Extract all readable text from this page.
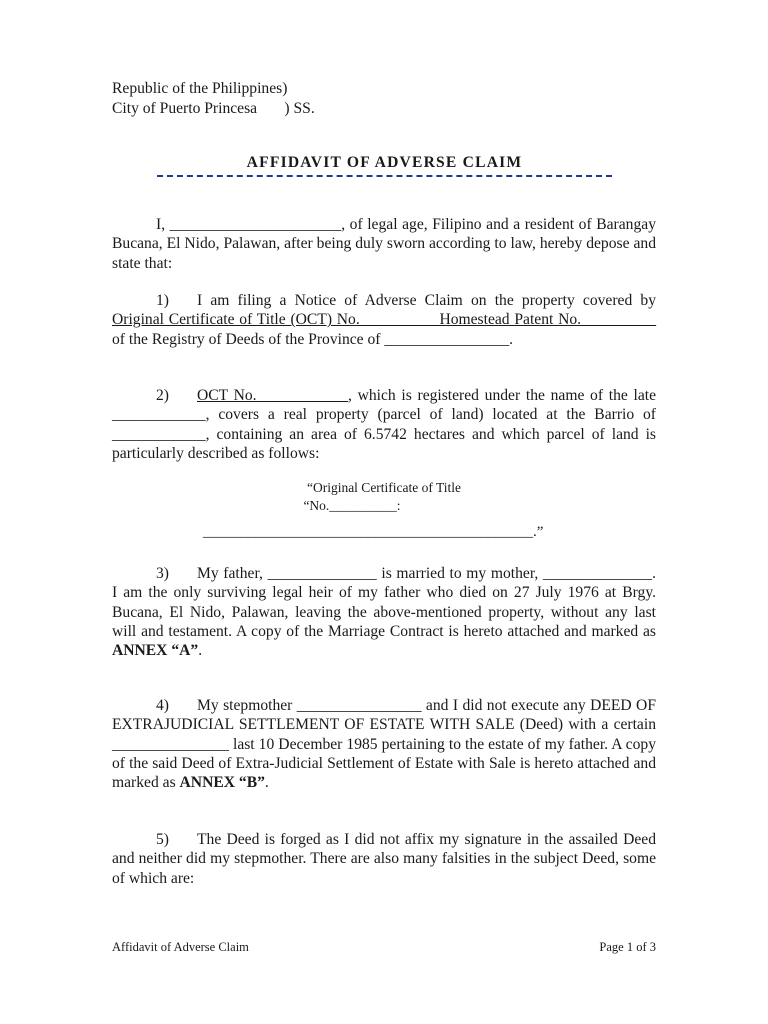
Republic of the Philippines)
City of Puerto Princesa       ) SS.
AFFIDAVIT OF ADVERSE CLAIM
I, ______________________, of legal age, Filipino and a resident of Barangay Bucana, El Nido, Palawan, after being duly sworn according to law, hereby depose and state that:
1) I am filing a Notice of Adverse Claim on the property covered by Original Certificate of Title (OCT) No. _________ Homestead Patent No. _________ of the Registry of Deeds of the Province of ________________.
2) OCT No. ___________, which is registered under the name of the late ____________, covers a real property (parcel of land) located at the Barrio of ____________, containing an area of 6.5742 hectares and which parcel of land is particularly described as follows:
“Original Certificate of Title
“No.__________:
____________________________________________.”
3) My father, ______________ is married to my mother, ______________. I am the only surviving legal heir of my father who died on 27 July 1976 at Brgy. Bucana, El Nido, Palawan, leaving the above-mentioned property, without any last will and testament. A copy of the Marriage Contract is hereto attached and marked as ANNEX “A”.
4) My stepmother ________________ and I did not execute any DEED OF EXTRAJUDICIAL SETTLEMENT OF ESTATE WITH SALE (Deed) with a certain _______________ last 10 December 1985 pertaining to the estate of my father. A copy of the said Deed of Extra-Judicial Settlement of Estate with Sale is hereto attached and marked as ANNEX “B”.
5) The Deed is forged as I did not affix my signature in the assailed Deed and neither did my stepmother. There are also many falsities in the subject Deed, some of which are:
Affidavit of Adverse Claim	Page 1 of 3
